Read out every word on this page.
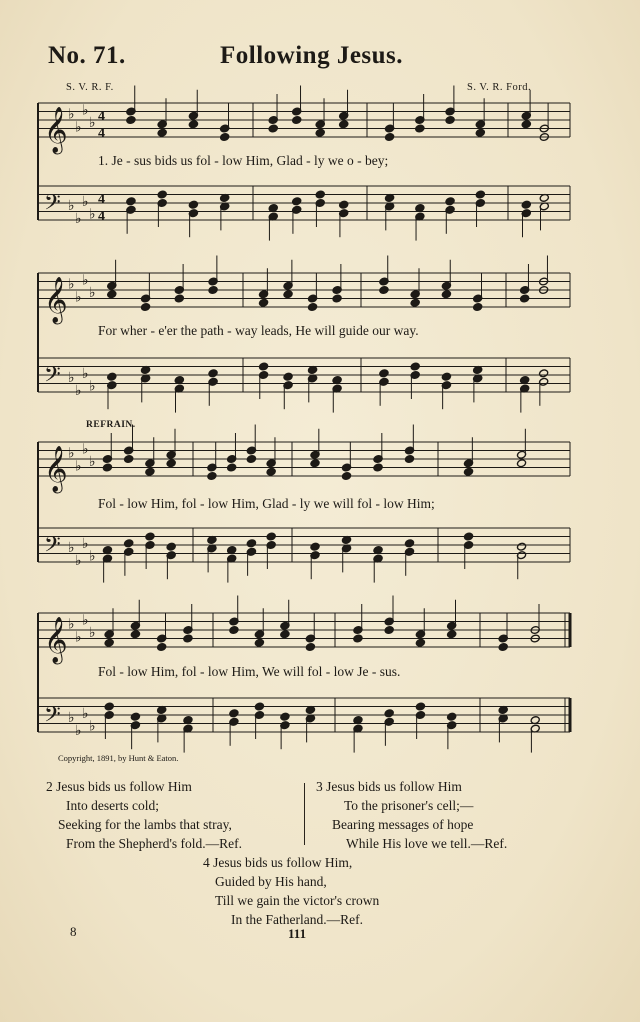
No. 71.	Following Jesus.
S. V. R. F.	S. V. R. Ford.
𝄞 ♭
♭
♭
♭ 4
4
𝄢 ♭
♭
♭
♭
4
4
𝄞 ♭
♭
♭
♭
𝄢 ♭
♭
♭
♭
𝄞 ♭
♭
♭
♭
𝄢 ♭
♭
♭
♭
𝄞 ♭
♭
♭
♭
𝄢 ♭
♭
♭
♭
REFRAIN.
1. Je - sus bids us fol - low Him, Glad - ly we o - bey;
For wher - e'er the path - way leads, He will guide our way.
Fol - low Him, fol - low Him, Glad - ly we will fol - low Him;
Fol - low Him, fol - low Him, We will fol - low Je - sus.
Copyright, 1891, by Hunt & Eaton.
2 Jesus bids us follow Him
Into deserts cold;
Seeking for the lambs that stray,
From the Shepherd's fold.—Ref.
3 Jesus bids us follow Him
To the prisoner's cell;—
Bearing messages of hope
While His love we tell.—Ref.
4 Jesus bids us follow Him,
Guided by His hand,
Till we gain the victor's crown
In the Fatherland.—Ref.
8	111
